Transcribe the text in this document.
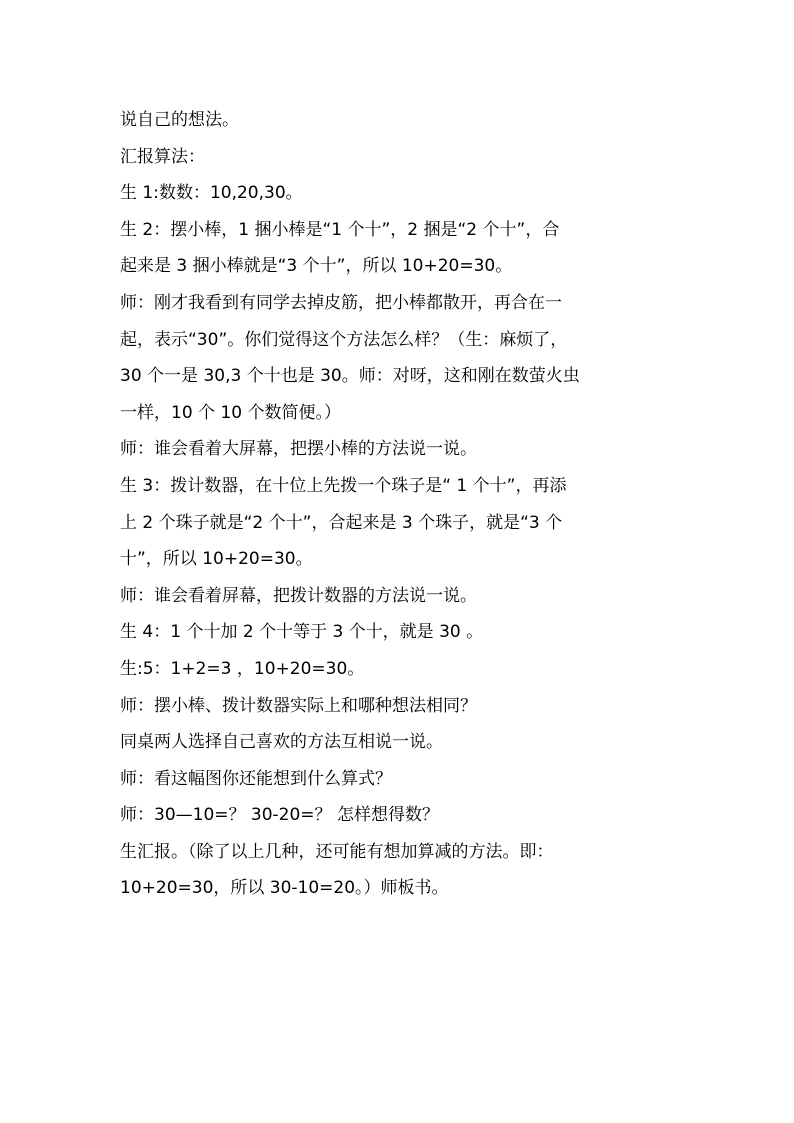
说自己的想法。
汇报算法：
生 1:数数：10,20,30。
生 2：摆小棒，1 捆小棒是“1 个十”，2 捆是“2 个十”，合
起来是 3 捆小棒就是“3 个十”，所以 10+20=30。
师：刚才我看到有同学去掉皮筋，把小棒都散开，再合在一
起，表示“30”。你们觉得这个方法怎么样？（生：麻烦了，
30 个一是 30,3 个十也是 30。师：对呀，这和刚在数萤火虫
一样，10 个 10 个数简便。）
师：谁会看着大屏幕，把摆小棒的方法说一说。
生 3：拨计数器，在十位上先拨一个珠子是“ 1 个十”，再添
上 2 个珠子就是“2 个十”，合起来是 3 个珠子，就是“3 个
十”，所以 10+20=30。
师：谁会看着屏幕，把拨计数器的方法说一说。
生 4：1 个十加 2 个十等于 3 个十，就是 30 。
生:5：1+2=3 ，10+20=30。
师：摆小棒、拨计数器实际上和哪种想法相同？
同桌两人选择自己喜欢的方法互相说一说。
师：看这幅图你还能想到什么算式？
师：30—10=？ 30-20=？ 怎样想得数？
生汇报。（除了以上几种，还可能有想加算减的方法。即：
10+20=30，所以 30-10=20。）师板书。
